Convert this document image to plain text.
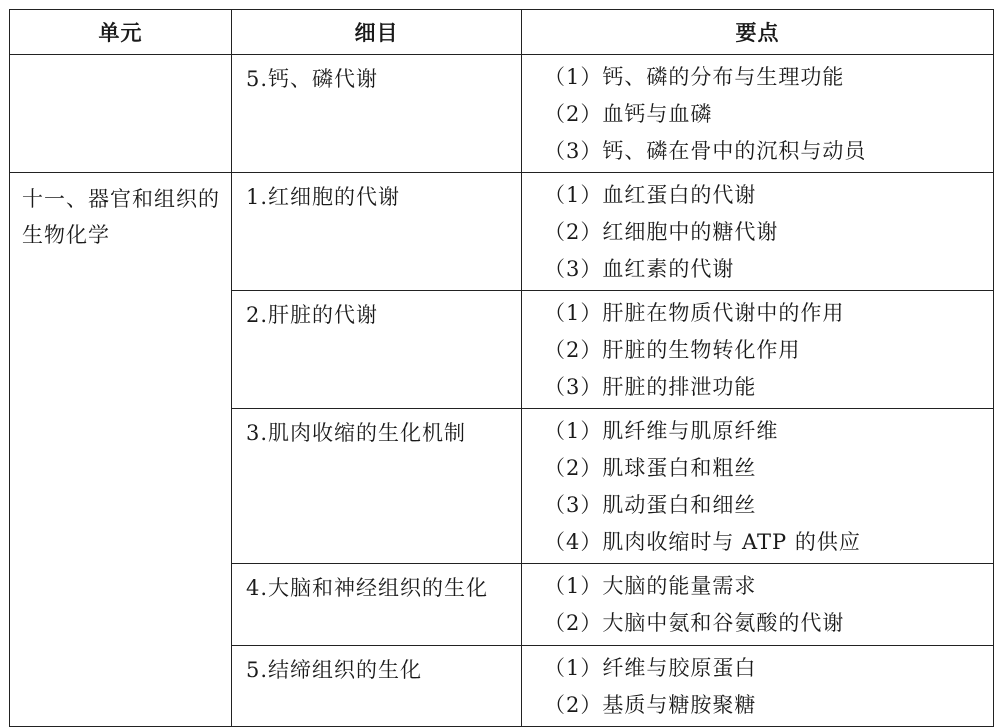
单元	细目	要点
	5.钙、磷代谢	（1）钙、磷的分布与生理功能
（2）血钙与血磷
（3）钙、磷在骨中的沉积与动员

十一、器官和组织的生物化学	1.红细胞的代谢	（1）血红蛋白的代谢
（2）红细胞中的糖代谢
（3）血红素的代谢

	2.肝脏的代谢	（1）肝脏在物质代谢中的作用
（2）肝脏的生物转化作用
（3）肝脏的排泄功能

	3.肌肉收缩的生化机制	（1）肌纤维与肌原纤维
（2）肌球蛋白和粗丝
（3）肌动蛋白和细丝
（4）肌肉收缩时与 ATP 的供应

	4.大脑和神经组织的生化	（1）大脑的能量需求
（2）大脑中氨和谷氨酸的代谢

	5.结缔组织的生化	（1）纤维与胶原蛋白
（2）基质与糖胺聚糖
